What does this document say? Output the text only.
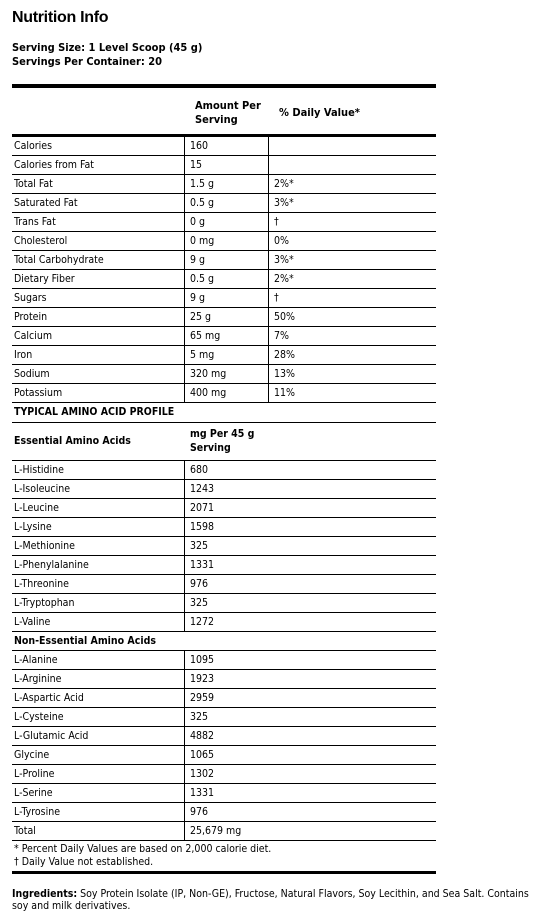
Nutrition Info
Serving Size: 1 Level Scoop (45 g)
Servings Per Container: 20
Amount Per
Serving
% Daily Value*
Calories	160
Calories from Fat	15
Total Fat	1.5 g	2%*
Saturated Fat	0.5 g	3%*
Trans Fat	0 g	†
Cholesterol	0 mg	0%
Total Carbohydrate	9 g	3%*
Dietary Fiber	0.5 g	2%*
Sugars	9 g	†
Protein	25 g	50%
Calcium	65 mg	7%
Iron	5 mg	28%
Sodium	320 mg	13%
Potassium	400 mg	11%
TYPICAL AMINO ACID PROFILE
Essential Amino Acids
mg Per 45 g
Serving
L-Histidine	680
L-Isoleucine	1243
L-Leucine	2071
L-Lysine	1598
L-Methionine	325
L-Phenylalanine	1331
L-Threonine	976
L-Tryptophan	325
L-Valine	1272
Non-Essential Amino Acids
L-Alanine	1095
L-Arginine	1923
L-Aspartic Acid	2959
L-Cysteine	325
L-Glutamic Acid	4882
Glycine	1065
L-Proline	1302
L-Serine	1331
L-Tyrosine	976
Total	25,679 mg
* Percent Daily Values are based on 2,000 calorie diet.
† Daily Value not established.
Ingredients: Soy Protein Isolate (IP, Non-GE), Fructose, Natural Flavors, Soy Lecithin, and Sea Salt. Contains soy and milk derivatives.
